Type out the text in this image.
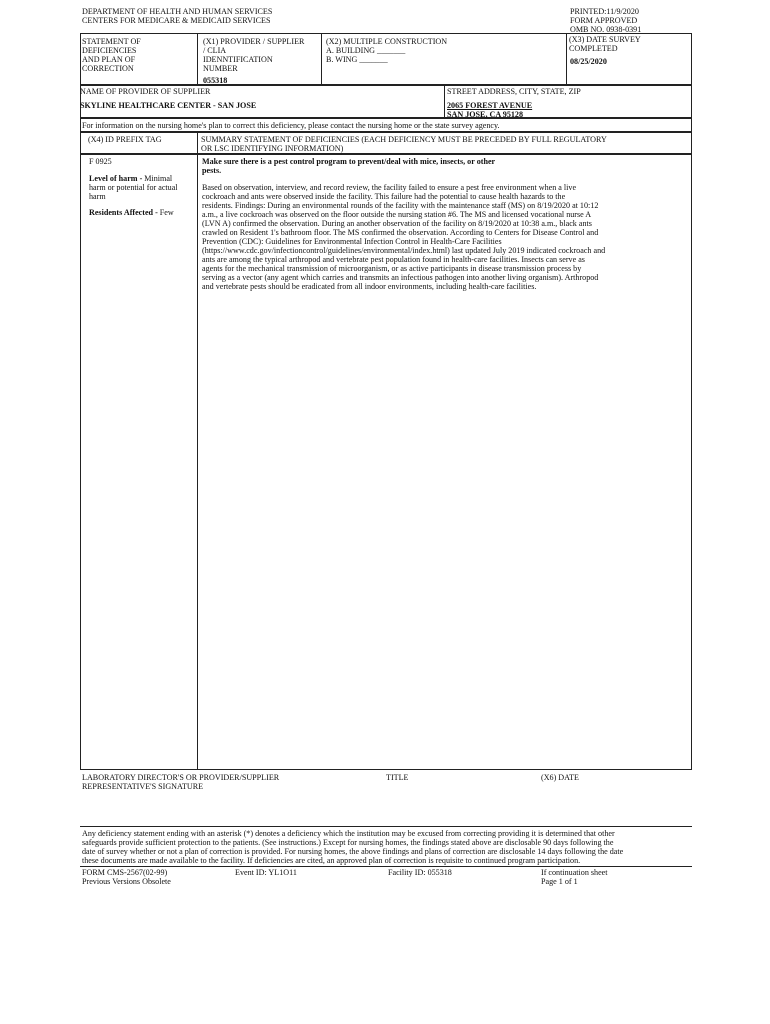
DEPARTMENT OF HEALTH AND HUMAN SERVICES
CENTERS FOR MEDICARE & MEDICAID SERVICES
PRINTED:11/9/2020
FORM APPROVED
OMB NO. 0938-0391
STATEMENT OF
DEFICIENCIES
AND PLAN OF
CORRECTION
(X1) PROVIDER / SUPPLIER
/ CLIA
IDENNTIFICATION
NUMBER
055318
(X2) MULTIPLE CONSTRUCTION
A. BUILDING _______
B. WING _______
(X3) DATE SURVEY
COMPLETED
08/25/2020
NAME OF PROVIDER OF SUPPLIER
SKYLINE HEALTHCARE CENTER - SAN JOSE
STREET ADDRESS, CITY, STATE, ZIP
2065 FOREST AVENUE
SAN JOSE, CA 95128
For information on the nursing home's plan to correct this deficiency, please contact the nursing home or the state survey agency.
(X4) ID PREFIX TAG	SUMMARY STATEMENT OF DEFICIENCIES (EACH DEFICIENCY MUST BE PRECEDED BY FULL REGULATORY
OR LSC IDENTIFYING INFORMATION)
F 0925
Level of harm - Minimal
harm or potential for actual
harm
Residents Affected - Few
Make sure there is a pest control program to prevent/deal with mice, insects, or other
pests.
Based on observation, interview, and record review, the facility failed to ensure a pest free environment when a live
cockroach and ants were observed inside the facility. This failure had the potential to cause health hazards to the
residents. Findings: During an environmental rounds of the facility with the maintenance staff (MS) on 8/19/2020 at 10:12
a.m., a live cockroach was observed on the floor outside the nursing station #6. The MS and licensed vocational nurse A
(LVN A) confirmed the observation. During an another observation of the facility on 8/19/2020 at 10:38 a.m., black ants
crawled on Resident 1's bathroom floor. The MS confirmed the observation. According to Centers for Disease Control and
Prevention (CDC): Guidelines for Environmental Infection Control in Health-Care Facilities
(https://www.cdc.gov/infectioncontrol/guidelines/environmental/index.html) last updated July 2019 indicated cockroach and
ants are among the typical arthropod and vertebrate pest population found in health-care facilities. Insects can serve as
agents for the mechanical transmission of microorganism, or as active participants in disease transmission process by
serving as a vector (any agent which carries and transmits an infectious pathogen into another living organism). Arthropod
and vertebrate pests should be eradicated from all indoor environments, including health-care facilities.
LABORATORY DIRECTOR'S OR PROVIDER/SUPPLIER
REPRESENTATIVE'S SIGNATURE
TITLE	(X6) DATE
Any deficiency statement ending with an asterisk (*) denotes a deficiency which the institution may be excused from correcting providing it is determined that other
safeguards provide sufficient protection to the patients. (See instructions.) Except for nursing homes, the findings stated above are disclosable 90 days following the
date of survey whether or not a plan of correction is provided. For nursing homes, the above findings and plans of correction are disclosable 14 days following the date
these documents are made available to the facility. If deficiencies are cited, an approved plan of correction is requisite to continued program participation.
FORM CMS-2567(02-99)
Previous Versions Obsolete
Event ID: YL1O11	Facility ID: 055318	If continuation sheet
Page 1 of 1
